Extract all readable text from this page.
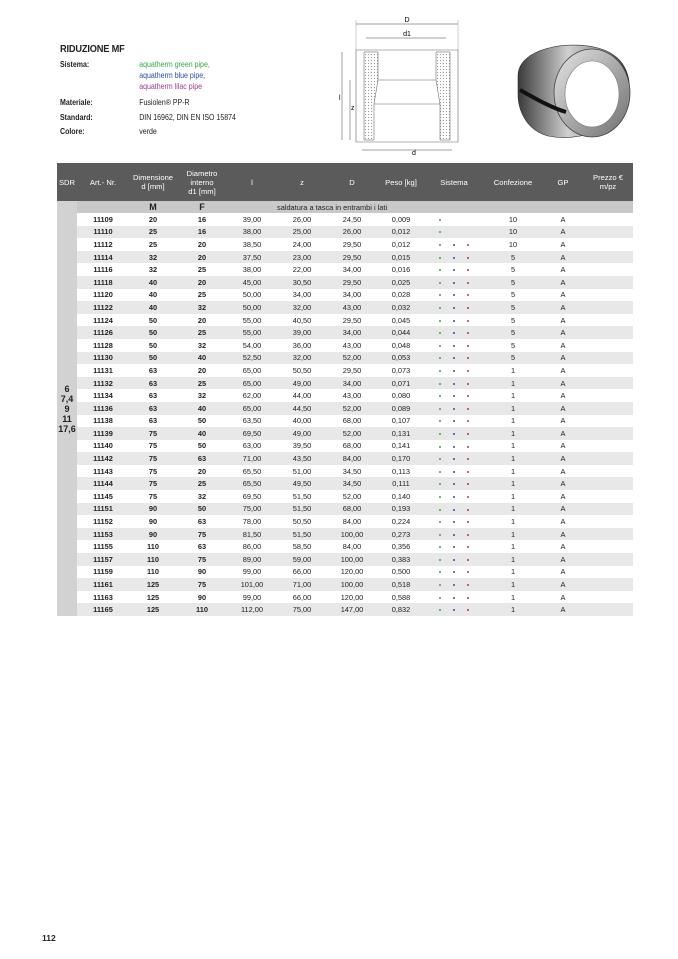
RIDUZIONE MF
Sistema:	aquatherm green pipe,
aquatherm blue pipe,
aquatherm lilac pipe
Materiale:	Fusiolen® PP-R
Standard:	DIN 16962, DIN EN ISO 15874
Colore:	verde
D
d1
l
z
d
SDR	Art.- Nr.	Dimensione
d [mm]	Diametro
interno
d1 [mm]	l	z	D	Peso [kg]	Sistema	Confezione	GP	Prezzo €
m/pz

6
7,4
9
11
17,6		M	F		saldatura a tasca in entrambi i lati						
	11109	20	16	39,00	26,00	24,50	0,009		10	A	
	11110	25	16	38,00	25,00	26,00	0,012		10	A	
	11112	25	20	38,50	24,00	29,50	0,012		10	A	
	11114	32	20	37,50	23,00	29,50	0,015		5	A	
	11116	32	25	38,00	22,00	34,00	0,016		5	A	
	11118	40	20	45,00	30,50	29,50	0,025		5	A	
	11120	40	25	50,00	34,00	34,00	0,028		5	A	
	11122	40	32	50,00	32,00	43,00	0,032		5	A	
	11124	50	20	55,00	40,50	29,50	0,045		5	A	
	11126	50	25	55,00	39,00	34,00	0,044		5	A	
	11128	50	32	54,00	36,00	43,00	0,048		5	A	
	11130	50	40	52,50	32,00	52,00	0,053		5	A	
	11131	63	20	65,00	50,50	29,50	0,073		1	A	
	11132	63	25	65,00	49,00	34,00	0,071		1	A	
	11134	63	32	62,00	44,00	43,00	0,080		1	A	
	11136	63	40	65,00	44,50	52,00	0,089		1	A	
	11138	63	50	63,50	40,00	68,00	0,107		1	A	
	11139	75	40	69,50	49,00	52,00	0,131		1	A	
	11140	75	50	63,00	39,50	68,00	0,141		1	A	
	11142	75	63	71,00	43,50	84,00	0,170		1	A	
	11143	75	20	65,50	51,00	34,50	0,113		1	A	
	11144	75	25	65,50	49,50	34,50	0,111		1	A	
	11145	75	32	69,50	51,50	52,00	0,140		1	A	
	11151	90	50	75,00	51,50	68,00	0,193		1	A	
	11152	90	63	78,00	50,50	84,00	0,224		1	A	
	11153	90	75	81,50	51,50	100,00	0,273		1	A	
	11155	110	63	86,00	58,50	84,00	0,356		1	A	
	11157	110	75	89,00	59,00	100,00	0,383		1	A	
	11159	110	90	99,00	66,00	120,00	0,500		1	A	
	11161	125	75	101,00	71,00	100,00	0,518		1	A	
	11163	125	90	99,00	66,00	120,00	0,588		1	A	
	11165	125	110	112,00	75,00	147,00	0,832		1	A	
112
